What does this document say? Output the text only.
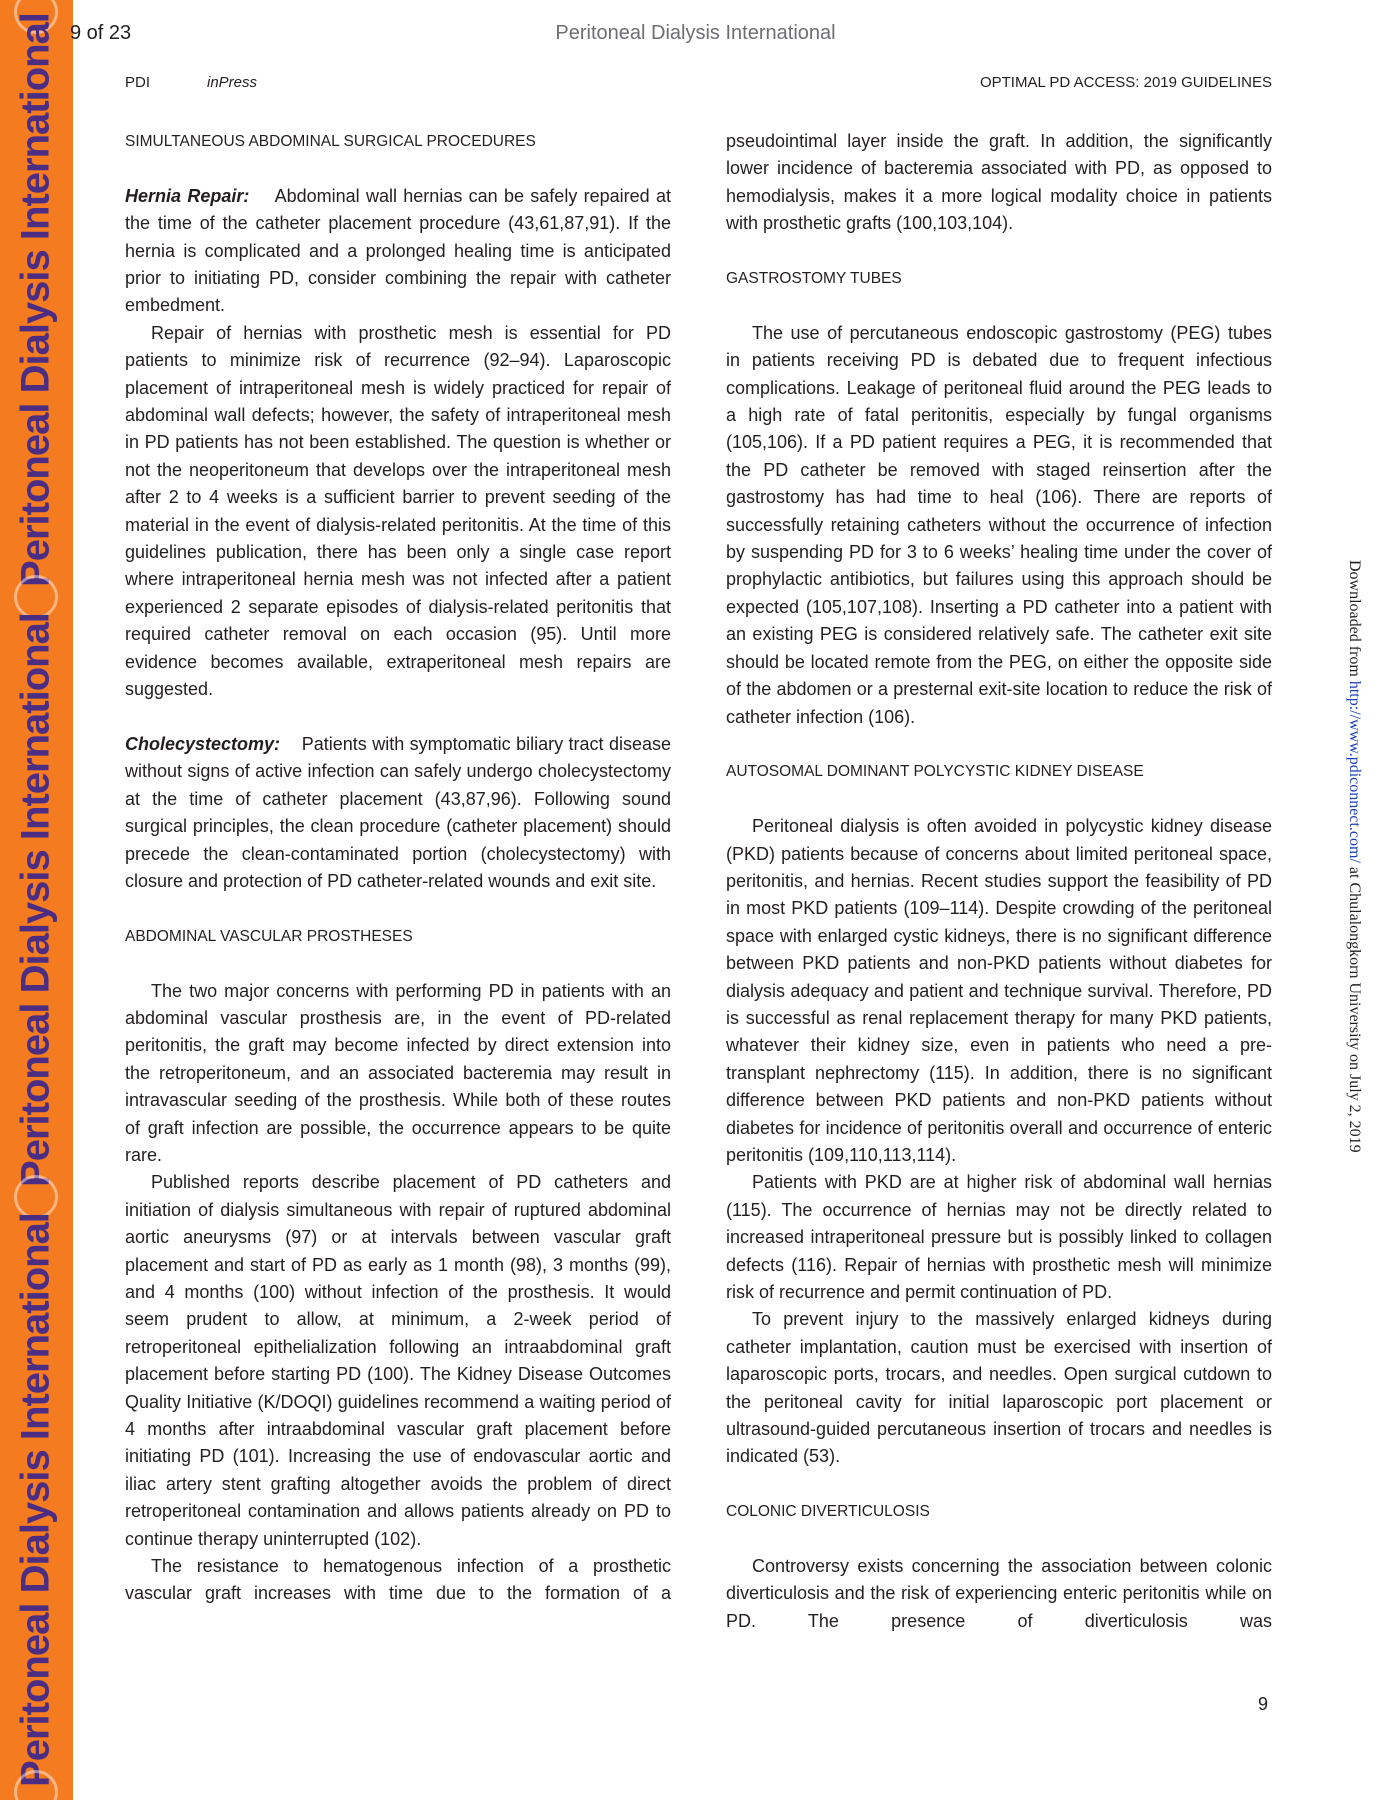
Peritoneal Dialysis International
Peritoneal Dialysis International
Peritoneal Dialysis International
9 of 23	Peritoneal Dialysis International
PDI	inPress	OPTIMAL PD ACCESS: 2019 GUIDELINES
SIMULTANEOUS ABDOMINAL SURGICAL PROCEDURES

Hernia Repair: Abdominal wall hernias can be safely repaired at the time of the catheter placement procedure (43,61,87,91). If the hernia is complicated and a prolonged healing time is anticipated prior to initiating PD, consider combining the repair with catheter embedment.

Repair of hernias with prosthetic mesh is essential for PD patients to minimize risk of recurrence (92–94). Laparoscopic placement of intraperitoneal mesh is widely practiced for repair of abdominal wall defects; however, the safety of intraperitoneal mesh in PD patients has not been established. The question is whether or not the neoperitoneum that develops over the intraperitoneal mesh after 2 to 4 weeks is a sufficient barrier to prevent seeding of the material in the event of dialysis-related peritonitis. At the time of this guidelines publication, there has been only a single case report where intraperitoneal hernia mesh was not infected after a patient experienced 2 separate episodes of dialysis-related peritonitis that required catheter removal on each occasion (95). Until more evidence becomes available, extraperitoneal mesh repairs are suggested.

Cholecystectomy: Patients with symptomatic biliary tract disease without signs of active infection can safely undergo cholecystectomy at the time of catheter placement (43,87,96). Following sound surgical principles, the clean procedure (catheter placement) should precede the clean-contaminated portion (cholecystectomy) with closure and protection of PD catheter-related wounds and exit site.

ABDOMINAL VASCULAR PROSTHESES

The two major concerns with performing PD in patients with an abdominal vascular prosthesis are, in the event of PD-related peritonitis, the graft may become infected by direct extension into the retroperitoneum, and an associated bacteremia may result in intravascular seeding of the prosthesis. While both of these routes of graft infection are possible, the occurrence appears to be quite rare.

Published reports describe placement of PD catheters and initiation of dialysis simultaneous with repair of ruptured abdominal aortic aneurysms (97) or at intervals between vascular graft placement and start of PD as early as 1 month (98), 3 months (99), and 4 months (100) without infection of the prosthesis. It would seem prudent to allow, at minimum, a 2-week period of retroperitoneal epithelialization following an intraabdominal graft placement before starting PD (100). The Kidney Disease Outcomes Quality Initiative (K/DOQI) guidelines recommend a waiting period of 4 months after intraabdominal vascular graft placement before initiating PD (101). Increasing the use of endovascular aortic and iliac artery stent grafting altogether avoids the problem of direct retroperitoneal contamination and allows patients already on PD to continue therapy uninterrupted (102).

The resistance to hematogenous infection of a prosthetic vascular graft increases with time due to the formation of a

pseudointimal layer inside the graft. In addition, the significantly lower incidence of bacteremia associated with PD, as opposed to hemodialysis, makes it a more logical modality choice in patients with prosthetic grafts (100,103,104).

GASTROSTOMY TUBES

The use of percutaneous endoscopic gastrostomy (PEG) tubes in patients receiving PD is debated due to frequent infectious complications. Leakage of peritoneal fluid around the PEG leads to a high rate of fatal peritonitis, especially by fungal organisms (105,106). If a PD patient requires a PEG, it is recommended that the PD catheter be removed with staged reinsertion after the gastrostomy has had time to heal (106). There are reports of successfully retaining catheters without the occurrence of infection by suspending PD for 3 to 6 weeks’ healing time under the cover of prophylactic antibiotics, but failures using this approach should be expected (105,107,108). Inserting a PD catheter into a patient with an existing PEG is considered relatively safe. The catheter exit site should be located remote from the PEG, on either the opposite side of the abdomen or a presternal exit-site location to reduce the risk of catheter infection (106).

AUTOSOMAL DOMINANT POLYCYSTIC KIDNEY DISEASE

Peritoneal dialysis is often avoided in polycystic kidney disease (PKD) patients because of concerns about limited peritoneal space, peritonitis, and hernias. Recent studies support the feasibility of PD in most PKD patients (109–114). Despite crowding of the peritoneal space with enlarged cystic kidneys, there is no significant difference between PKD patients and non-PKD patients without diabetes for dialysis adequacy and patient and technique survival. Therefore, PD is successful as renal replacement therapy for many PKD patients, whatever their kidney size, even in patients who need a pre-transplant nephrectomy (115). In addition, there is no significant difference between PKD patients and non-PKD patients without diabetes for incidence of peritonitis overall and occurrence of enteric peritonitis (109,110,113,114).

Patients with PKD are at higher risk of abdominal wall hernias (115). The occurrence of hernias may not be directly related to increased intraperitoneal pressure but is possibly linked to collagen defects (116). Repair of hernias with prosthetic mesh will minimize risk of recurrence and permit continuation of PD.

To prevent injury to the massively enlarged kidneys during catheter implantation, caution must be exercised with insertion of laparoscopic ports, trocars, and needles. Open surgical cutdown to the peritoneal cavity for initial laparoscopic port placement or ultrasound-guided percutaneous insertion of trocars and needles is indicated (53).

COLONIC DIVERTICULOSIS

Controversy exists concerning the association between colonic diverticulosis and the risk of experiencing enteric peritonitis while on PD. The presence of diverticulosis was

9
Downloaded from http://www.pdiconnect.com/ at Chulalongkorn University on July 2, 2019
